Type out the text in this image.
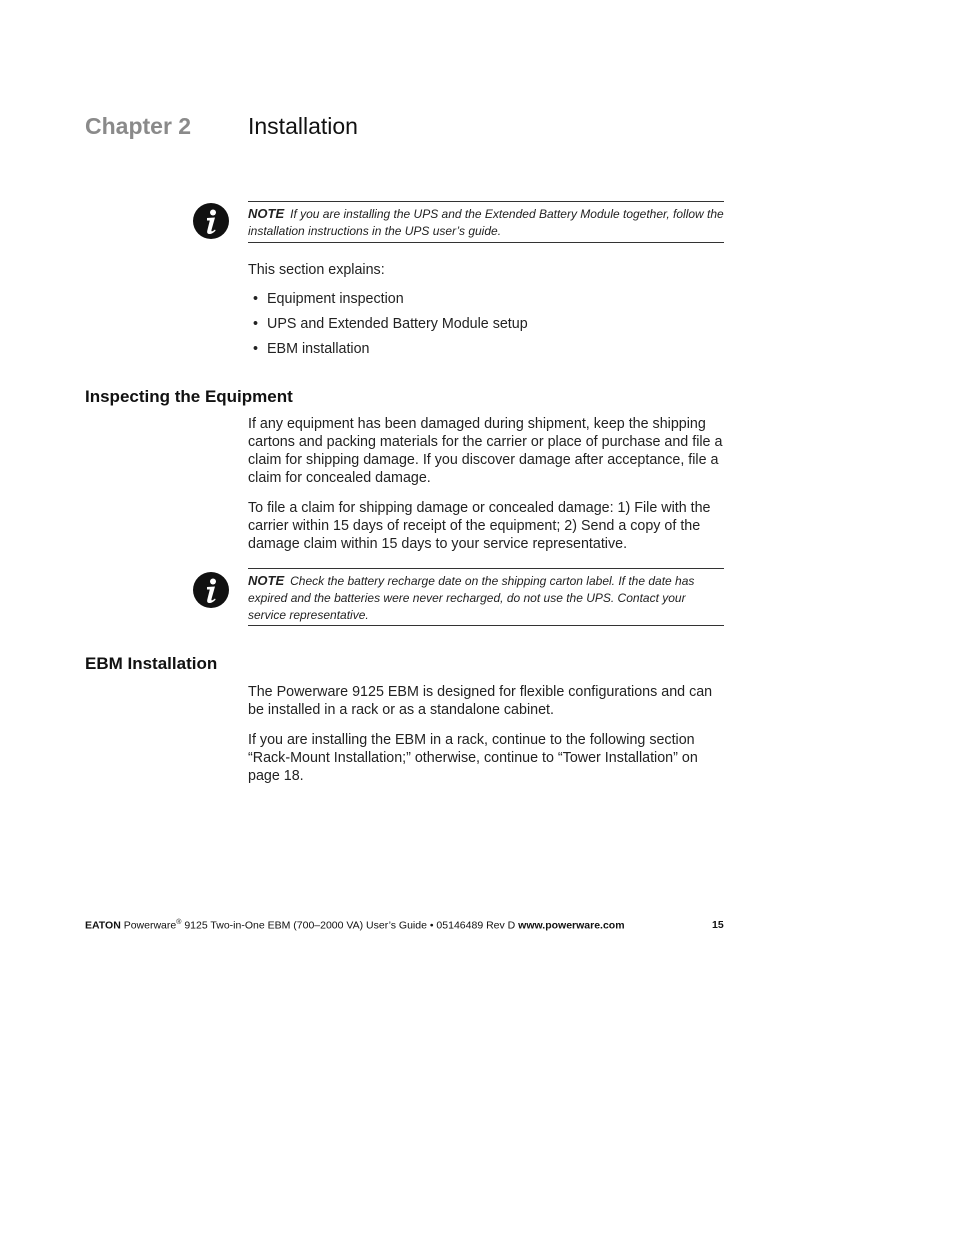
Chapter 2 Installation
NOTE If you are installing the UPS and the Extended Battery Module together, follow the installation instructions in the UPS user’s guide.

This section explains:

• Equipment inspection
• UPS and Extended Battery Module setup
• EBM installation
Inspecting the Equipment

If any equipment has been damaged during shipment, keep the shipping cartons and packing materials for the carrier or place of purchase and file a claim for shipping damage. If you discover damage after acceptance, file a claim for concealed damage.

To file a claim for shipping damage or concealed damage: 1) File with the carrier within 15 days of receipt of the equipment; 2) Send a copy of the damage claim within 15 days to your service representative.

NOTE Check the battery recharge date on the shipping carton label. If the date has expired and the batteries were never recharged, do not use the UPS. Contact your service representative.
EBM Installation

The Powerware 9125 EBM is designed for flexible configurations and can be installed in a rack or as a standalone cabinet.

If you are installing the EBM in a rack, continue to the following section “Rack-Mount Installation;” otherwise, continue to “Tower Installation” on page 18.

EATON Powerware® 9125 Two-in-One EBM (700–2000 VA) User’s Guide • 05146489 Rev D www.powerware.com	15
